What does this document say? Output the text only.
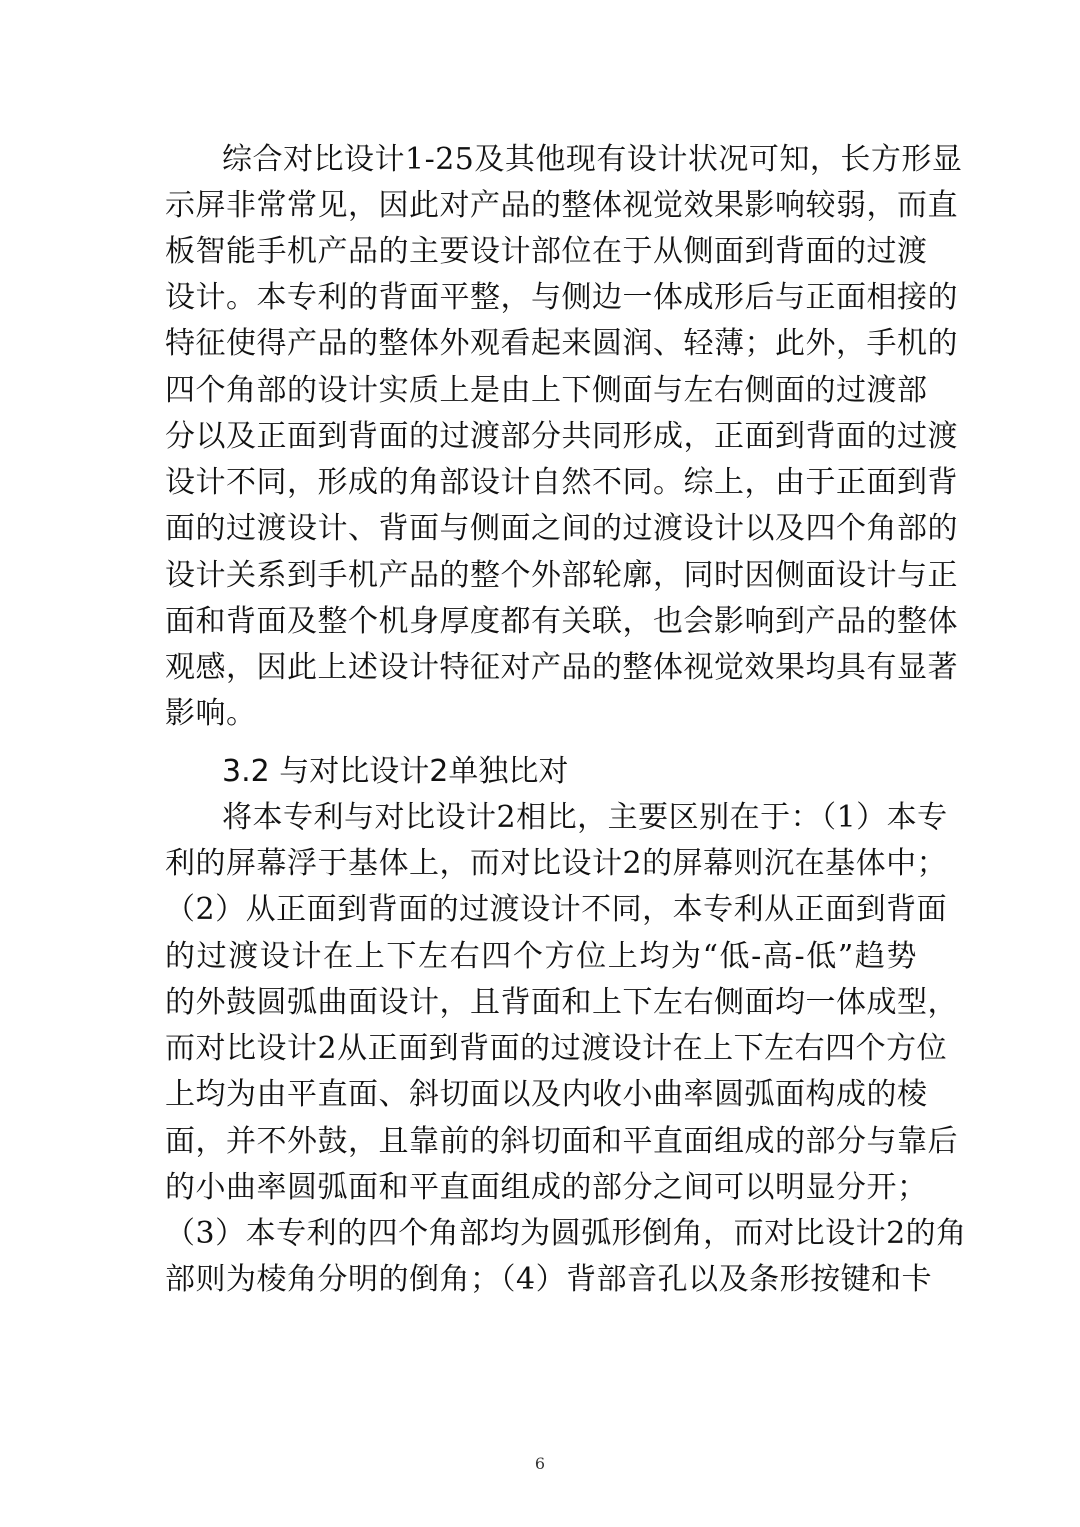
综合对比设计1-25及其他现有设计状况可知，长方形显
示屏非常常见，因此对产品的整体视觉效果影响较弱，而直
板智能手机产品的主要设计部位在于从侧面到背面的过渡
设计。本专利的背面平整，与侧边一体成形后与正面相接的
特征使得产品的整体外观看起来圆润、轻薄；此外，手机的
四个角部的设计实质上是由上下侧面与左右侧面的过渡部
分以及正面到背面的过渡部分共同形成，正面到背面的过渡
设计不同，形成的角部设计自然不同。综上，由于正面到背
面的过渡设计、背面与侧面之间的过渡设计以及四个角部的
设计关系到手机产品的整个外部轮廓，同时因侧面设计与正
面和背面及整个机身厚度都有关联，也会影响到产品的整体
观感，因此上述设计特征对产品的整体视觉效果均具有显著
影响。
3.2 与对比设计2单独比对
将本专利与对比设计2相比，主要区别在于：（1）本专
利的屏幕浮于基体上，而对比设计2的屏幕则沉在基体中；
（2）从正面到背面的过渡设计不同，本专利从正面到背面
的过渡设计在上下左右四个方位上均为“低-高-低”趋势
的外鼓圆弧曲面设计，且背面和上下左右侧面均一体成型，
而对比设计2从正面到背面的过渡设计在上下左右四个方位
上均为由平直面、斜切面以及内收小曲率圆弧面构成的棱
面，并不外鼓，且靠前的斜切面和平直面组成的部分与靠后
的小曲率圆弧面和平直面组成的部分之间可以明显分开；
（3）本专利的四个角部均为圆弧形倒角，而对比设计2的角
部则为棱角分明的倒角；（4）背部音孔以及条形按键和卡
6
